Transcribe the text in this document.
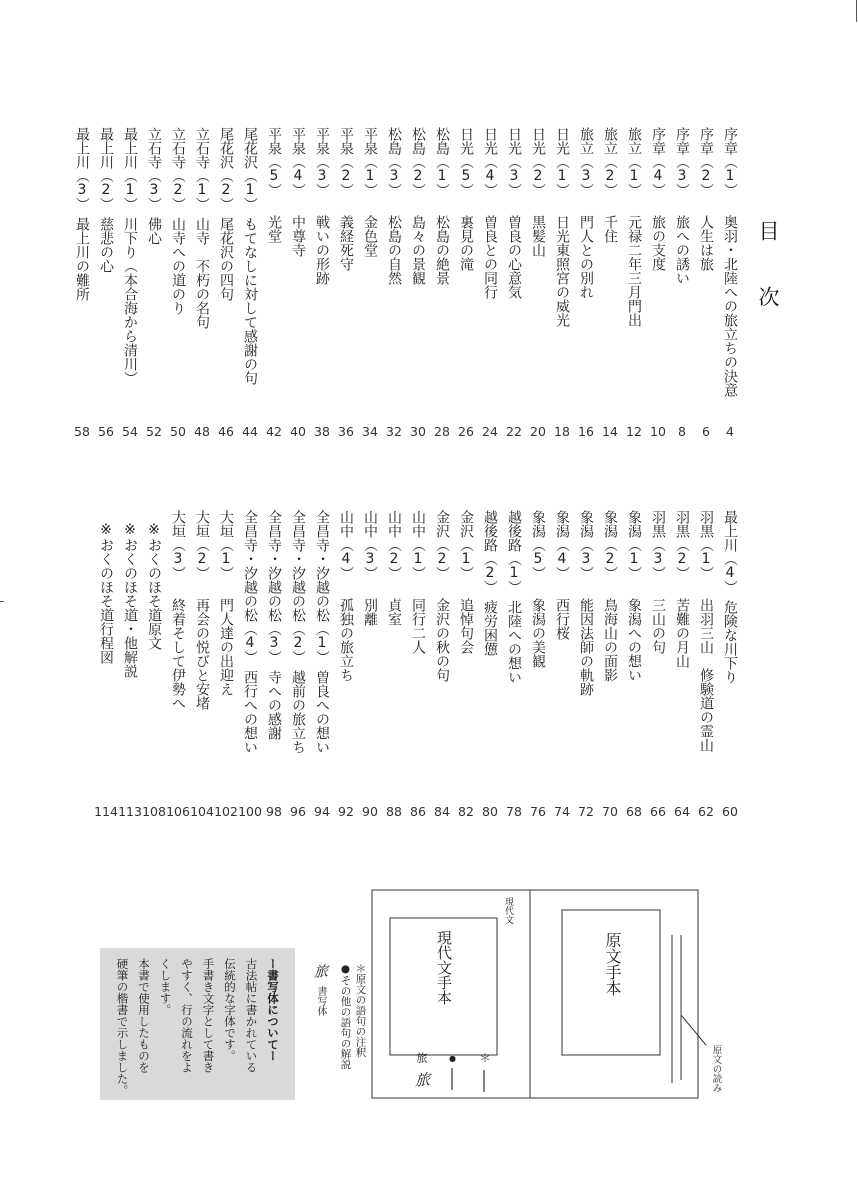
目次
序章（1）奥羽・北陸への旅立ちの決意
4
序章（2）人生は旅
6
序章（3）旅への誘い
8
序章（4）旅の支度
10
旅立（1）元禄二年三月門出
12
旅立（2）千住
14
旅立（3）門人との別れ
16
日光（1）日光東照宮の威光
18
日光（2）黒髪山
20
日光（3）曽良の心意気
22
日光（4）曽良との同行
24
日光（5）裏見の滝
26
松島（1）松島の絶景
28
松島（2）島々の景観
30
松島（3）松島の自然
32
平泉（1）金色堂
34
平泉（2）義経死守
36
平泉（3）戦いの形跡
38
平泉（4）中尊寺
40
平泉（5）光堂
42
尾花沢（1）もてなしに対して感謝の句
44
尾花沢（2）尾花沢の四句
46
立石寺（1）山寺　不朽の名句
48
立石寺（2）山寺への道のり
50
立石寺（3）佛心
52
最上川（1）川下り（本合海から清川）
54
最上川（2）慈悲の心
56
最上川（3）最上川の難所
58
最上川（4）危険な川下り
60
羽黒（1）出羽三山　修験道の霊山
62
羽黒（2）苦難の月山
64
羽黒（3）三山の句
66
象潟（1）象潟への想い
68
象潟（2）鳥海山の面影
70
象潟（3）能因法師の軌跡
72
象潟（4）西行桜
74
象潟（5）象潟の美観
76
越後路（1）北陸への想い
78
越後路（2）疲労困憊
80
金沢（1）追悼句会
82
金沢（2）金沢の秋の句
84
山中（1）同行二人
86
山中（2）貞室
88
山中（3）別離
90
山中（4）孤独の旅立ち
92
全昌寺・汐越の松（1）曽良への想い
94
全昌寺・汐越の松（2）越前の旅立ち
96
全昌寺・汐越の松（3）寺への感謝
98
全昌寺・汐越の松（4）西行への想い
100
大垣（1）門人達の出迎え
102
大垣（2）再会の悦びと安堵
104
大垣（3）終着そして伊勢へ
106
※おくのほそ道原文
108
※おくのほそ道・他解説
113
※おくのほそ道行程図
114
ー書写体についてー
古法帖に書かれている
伝統的な字体です。
手書き文字として書き
やすく、行の流れをよ
くします。
本書で使用したものを
硬筆の楷書で示しました。	＊原文の語句の注釈
●その他の語句の解説
旅
書写体
現代文
現代文手本	原文手本
原文の読み
旅	● ＊
旅
